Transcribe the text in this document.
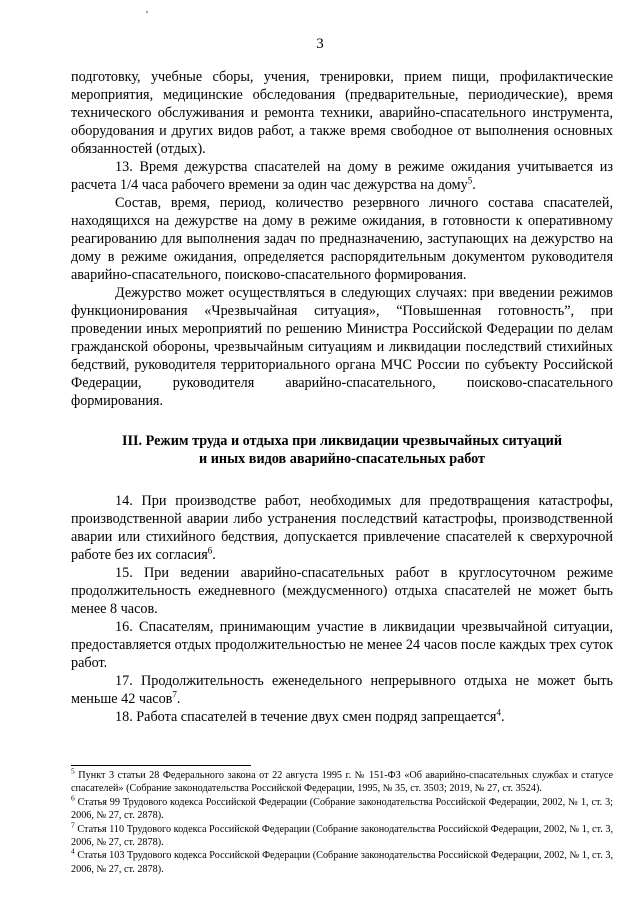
′
3

подготовку, учебные сборы, учения, тренировки, прием пищи, профилактические мероприятия, медицинские обследования (предварительные, периодические), время технического обслуживания и ремонта техники, аварийно-спасательного инструмента, оборудования и других видов работ, а также время свободное от выполнения основных обязанностей (отдых).

13. Время дежурства спасателей на дому в режиме ожидания учитывается из расчета 1/4 часа рабочего времени за один час дежурства на дому$^5$.

Состав, время, период, количество резервного личного состава спасателей, находящихся на дежурстве на дому в режиме ожидания, в готовности к оперативному реагированию для выполнения задач по предназначению, заступающих на дежурство на дому в режиме ожидания, определяется распорядительным документом руководителя аварийно-спасательного, поисково-спасательного формирования.

Дежурство может осуществляться в следующих случаях: при введении режимов функционирования «Чрезвычайная ситуация», “Повышенная готовность”, при проведении иных мероприятий по решению Министра Российской Федерации по делам гражданской обороны, чрезвычайным ситуациям и ликвидации последствий стихийных бедствий, руководителя территориального органа МЧС России по субъекту Российской Федерации, руководителя аварийно-спасательного, поисково-спасательного формирования.

III. Режим труда и отдыха при ликвидации чрезвычайных ситуаций
и иных видов аварийно-спасательных работ

14. При производстве работ, необходимых для предотвращения катастрофы, производственной аварии либо устранения последствий катастрофы, производственной аварии или стихийного бедствия, допускается привлечение спасателей к сверхурочной работе без их согласия$^6$.

15. При ведении аварийно-спасательных работ в круглосуточном режиме продолжительность ежедневного (междусменного) отдыха спасателей не может быть менее 8 часов.

16. Спасателям, принимающим участие в ликвидации чрезвычайной ситуации, предоставляется отдых продолжительностью не менее 24 часов после каждых трех суток работ.

17. Продолжительность еженедельного непрерывного отдыха не может быть меньше 42 часов$^7$.

18. Работа спасателей в течение двух смен подряд запрещается$^4$.

$^5$ Пункт 3 статьи 28 Федерального закона от 22 августа 1995 г. № 151-ФЗ «Об аварийно-спасательных службах и статусе спасателей» (Собрание законодательства Российской Федерации, 1995, № 35, ст. 3503; 2019, № 27, ст. 3524).

$^6$ Статья 99 Трудового кодекса Российской Федерации (Собрание законодательства Российской Федерации, 2002, № 1, ст. 3; 2006, № 27, ст. 2878).

$^7$ Статья 110 Трудового кодекса Российской Федерации (Собрание законодательства Российской Федерации, 2002, № 1, ст. 3, 2006, № 27, ст. 2878).

$^4$ Статья 103 Трудового кодекса Российской Федерации (Собрание законодательства Российской Федерации, 2002, № 1, ст. 3, 2006, № 27, ст. 2878).
